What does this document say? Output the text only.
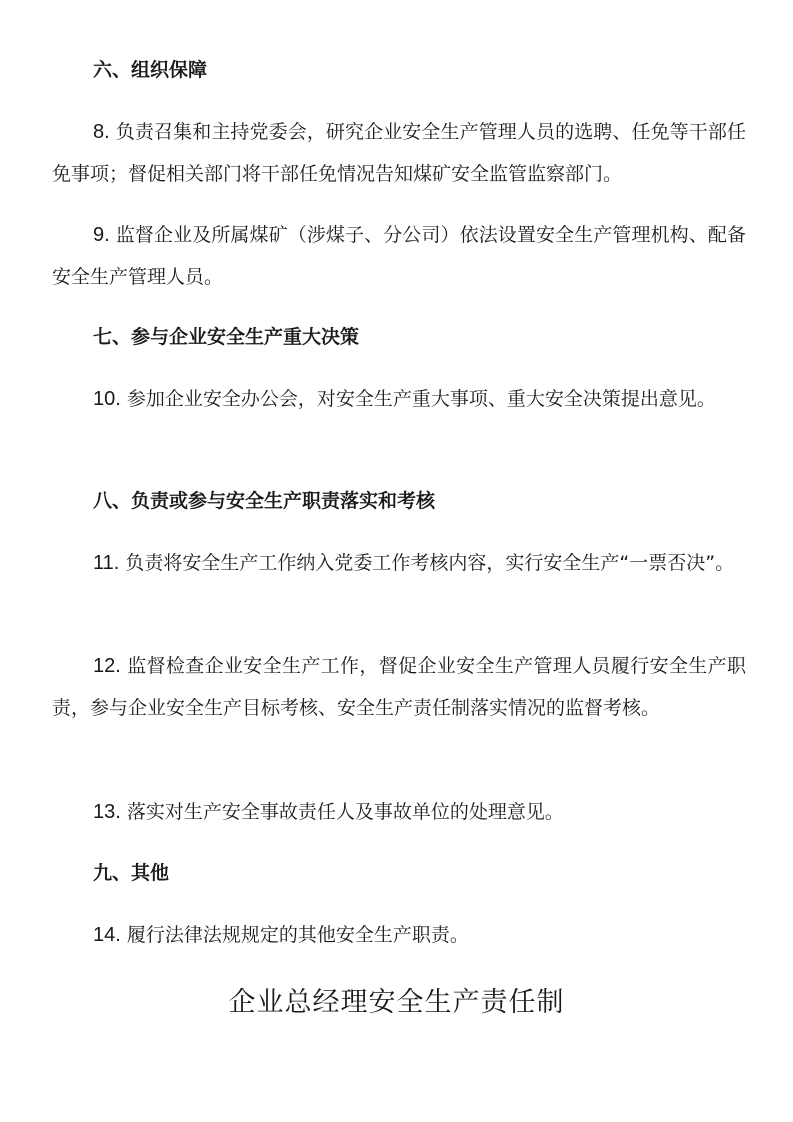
六、组织保障

8. 负责召集和主持党委会，研究企业安全生产管理人员的选聘、任免等干部任免事项；督促相关部门将干部任免情况告知煤矿安全监管监察部门。

9. 监督企业及所属煤矿（涉煤子、分公司）依法设置安全生产管理机构、配备安全生产管理人员。

七、参与企业安全生产重大决策

10. 参加企业安全办公会，对安全生产重大事项、重大安全决策提出意见。

八、负责或参与安全生产职责落实和考核

11. 负责将安全生产工作纳入党委工作考核内容，实行安全生产“一票否决”。

12. 监督检查企业安全生产工作，督促企业安全生产管理人员履行安全生产职责，参与企业安全生产目标考核、安全生产责任制落实情况的监督考核。

13. 落实对生产安全事故责任人及事故单位的处理意见。

九、其他

14. 履行法律法规规定的其他安全生产职责。

企业总经理安全生产责任制
